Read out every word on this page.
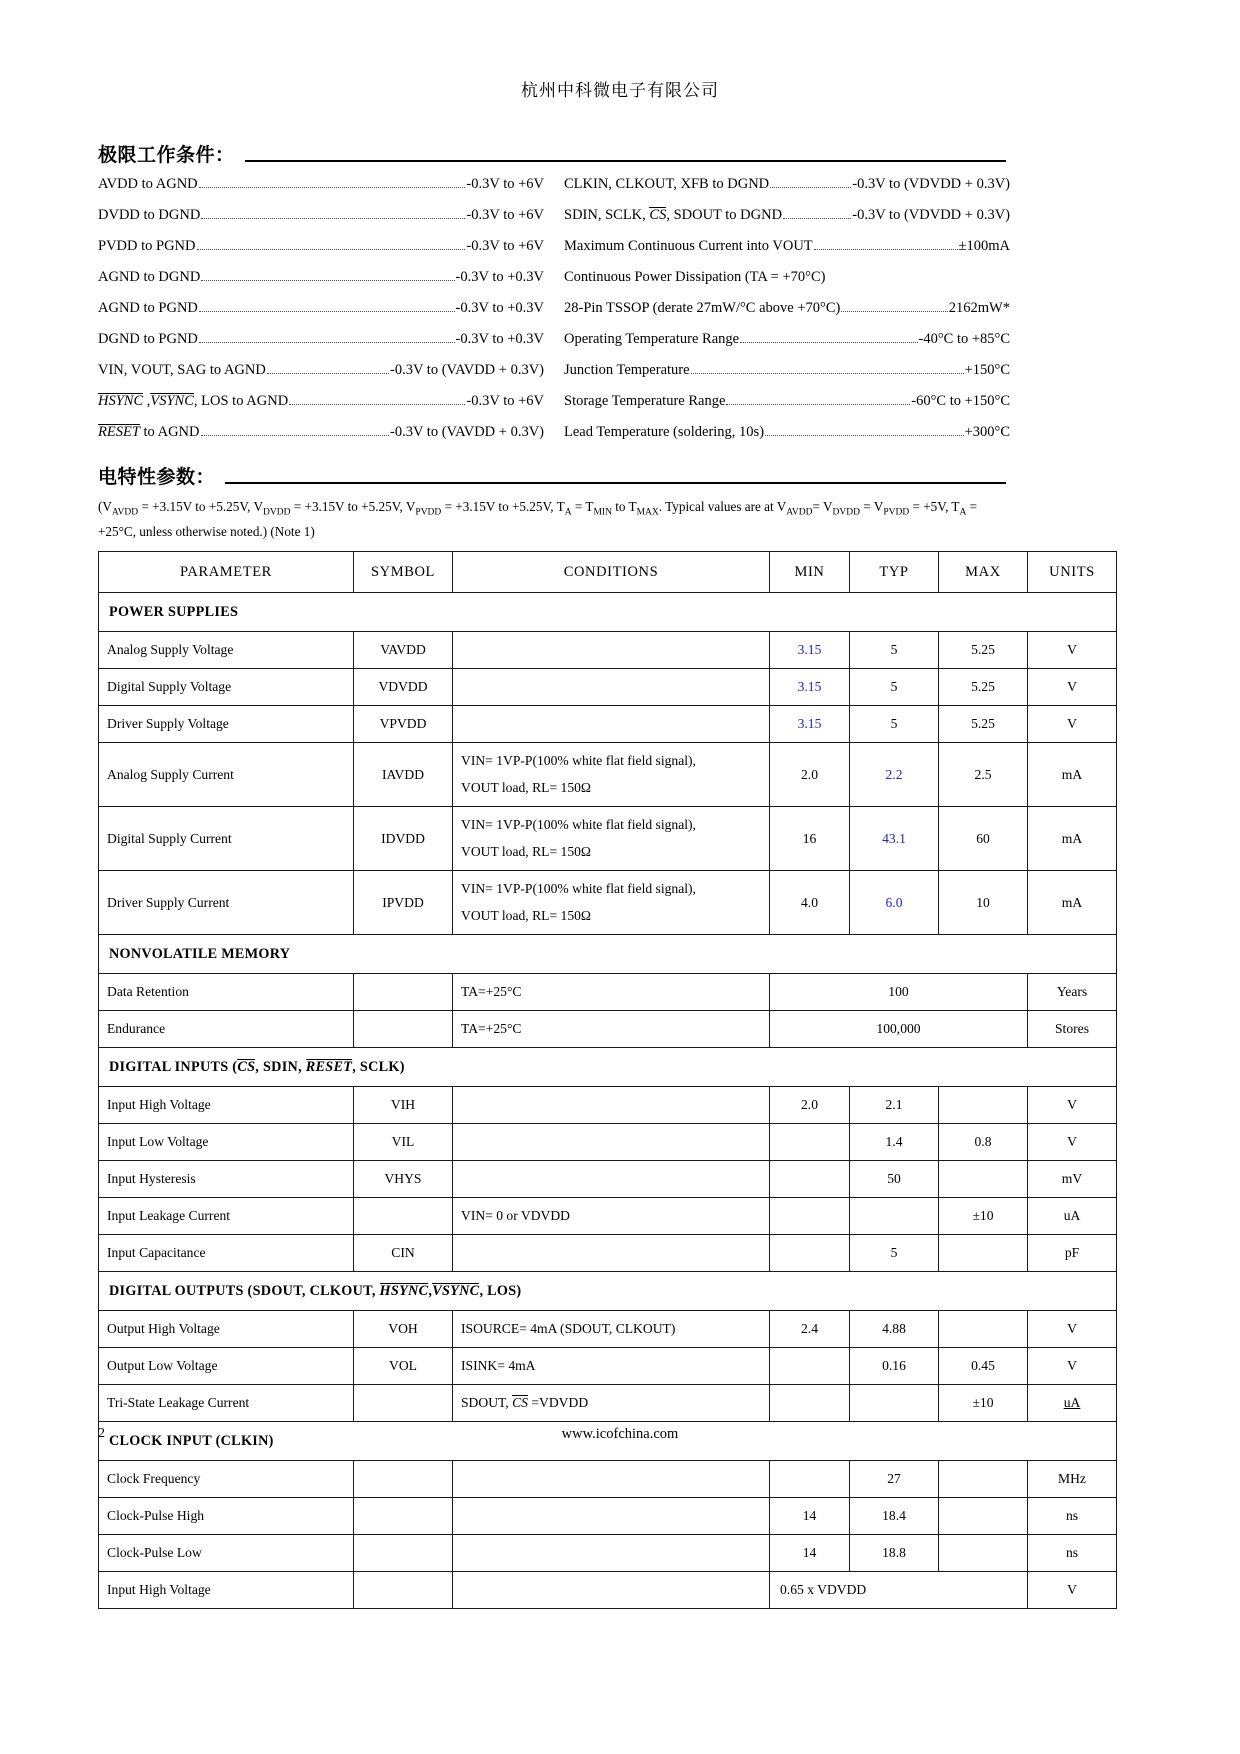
杭州中科微电子有限公司
极限工作条件：
AVDD to AGND	-0.3V to +6V
DVDD to DGND	-0.3V to +6V
PVDD to PGND	-0.3V to +6V
AGND to DGND	-0.3V to +0.3V
AGND to PGND	-0.3V to +0.3V
DGND to PGND	-0.3V to +0.3V
VIN, VOUT, SAG to AGND	-0.3V to (VAVDD + 0.3V)
HSYNC ,VSYNC, LOS to AGND	-0.3V to +6V
RESET to AGND	-0.3V to (VAVDD + 0.3V)
CLKIN, CLKOUT, XFB to DGND	-0.3V to (VDVDD + 0.3V)
SDIN, SCLK, CS, SDOUT to DGND	-0.3V to (VDVDD + 0.3V)
Maximum Continuous Current into VOUT	±100mA
Continuous Power Dissipation (TA = +70°C)
28-Pin TSSOP (derate 27mW/°C above +70°C)	2162mW*
Operating Temperature Range	-40°C to +85°C
Junction Temperature	+150°C
Storage Temperature Range	-60°C to +150°C
Lead Temperature (soldering, 10s)	+300°C
电特性参数：
($V_{AVDD} = +3.15V$ to +5.25V, $V_{DVDD} = +3.15V$ to +5.25V, $V_{PVDD} = +3.15V$ to +5.25V, $T_A = T_{MIN}$ to $T_{MAX}$. Typical values are at $V_{AVDD}= V_{DVDD} = V_{PVDD} = +5V$, $T_A = +25^\circ C$, unless otherwise noted.) (Note 1)
PARAMETER	SYMBOL	CONDITIONS	MIN	TYP	MAX	UNITS
POWER SUPPLIES						
Analog Supply Voltage	VAVDD		3.15	5	5.25	V
Digital Supply Voltage	VDVDD		3.15	5	5.25	V
Driver Supply Voltage	VPVDD		3.15	5	5.25	V
Analog Supply Current	IAVDD	VIN= 1VP-P(100% white flat field signal),
VOUT load, RL= 150Ω	2.0	2.2	2.5	mA
Digital Supply Current	IDVDD	VIN= 1VP-P(100% white flat field signal),
VOUT load, RL= 150Ω	16	43.1	60	mA
Driver Supply Current	IPVDD	VIN= 1VP-P(100% white flat field signal),
VOUT load, RL= 150Ω	4.0	6.0	10	mA
NONVOLATILE MEMORY						
Data Retention		TA=+25°C	100			Years
Endurance		TA=+25°C	100,000			Stores
DIGITAL INPUTS (CS, SDIN, RESET, SCLK)						
Input High Voltage	VIH		2.0	2.1		V
Input Low Voltage	VIL			1.4	0.8	V
Input Hysteresis	VHYS			50		mV
Input Leakage Current		VIN= 0 or VDVDD			±10	uA
Input Capacitance	CIN			5		pF
DIGITAL OUTPUTS (SDOUT, CLKOUT, HSYNC,VSYNC, LOS)						
Output High Voltage	VOH	ISOURCE= 4mA (SDOUT, CLKOUT)	2.4	4.88		V
Output Low Voltage	VOL	ISINK= 4mA		0.16	0.45	V
Tri-State Leakage Current		SDOUT, CS =VDVDD			±10	uA
CLOCK INPUT (CLKIN)						
Clock Frequency				27		MHz
Clock-Pulse High			14	18.4		ns
Clock-Pulse Low			14	18.8		ns
Input High Voltage			0.65 x VDVDD			V
2	www.icofchina.com
